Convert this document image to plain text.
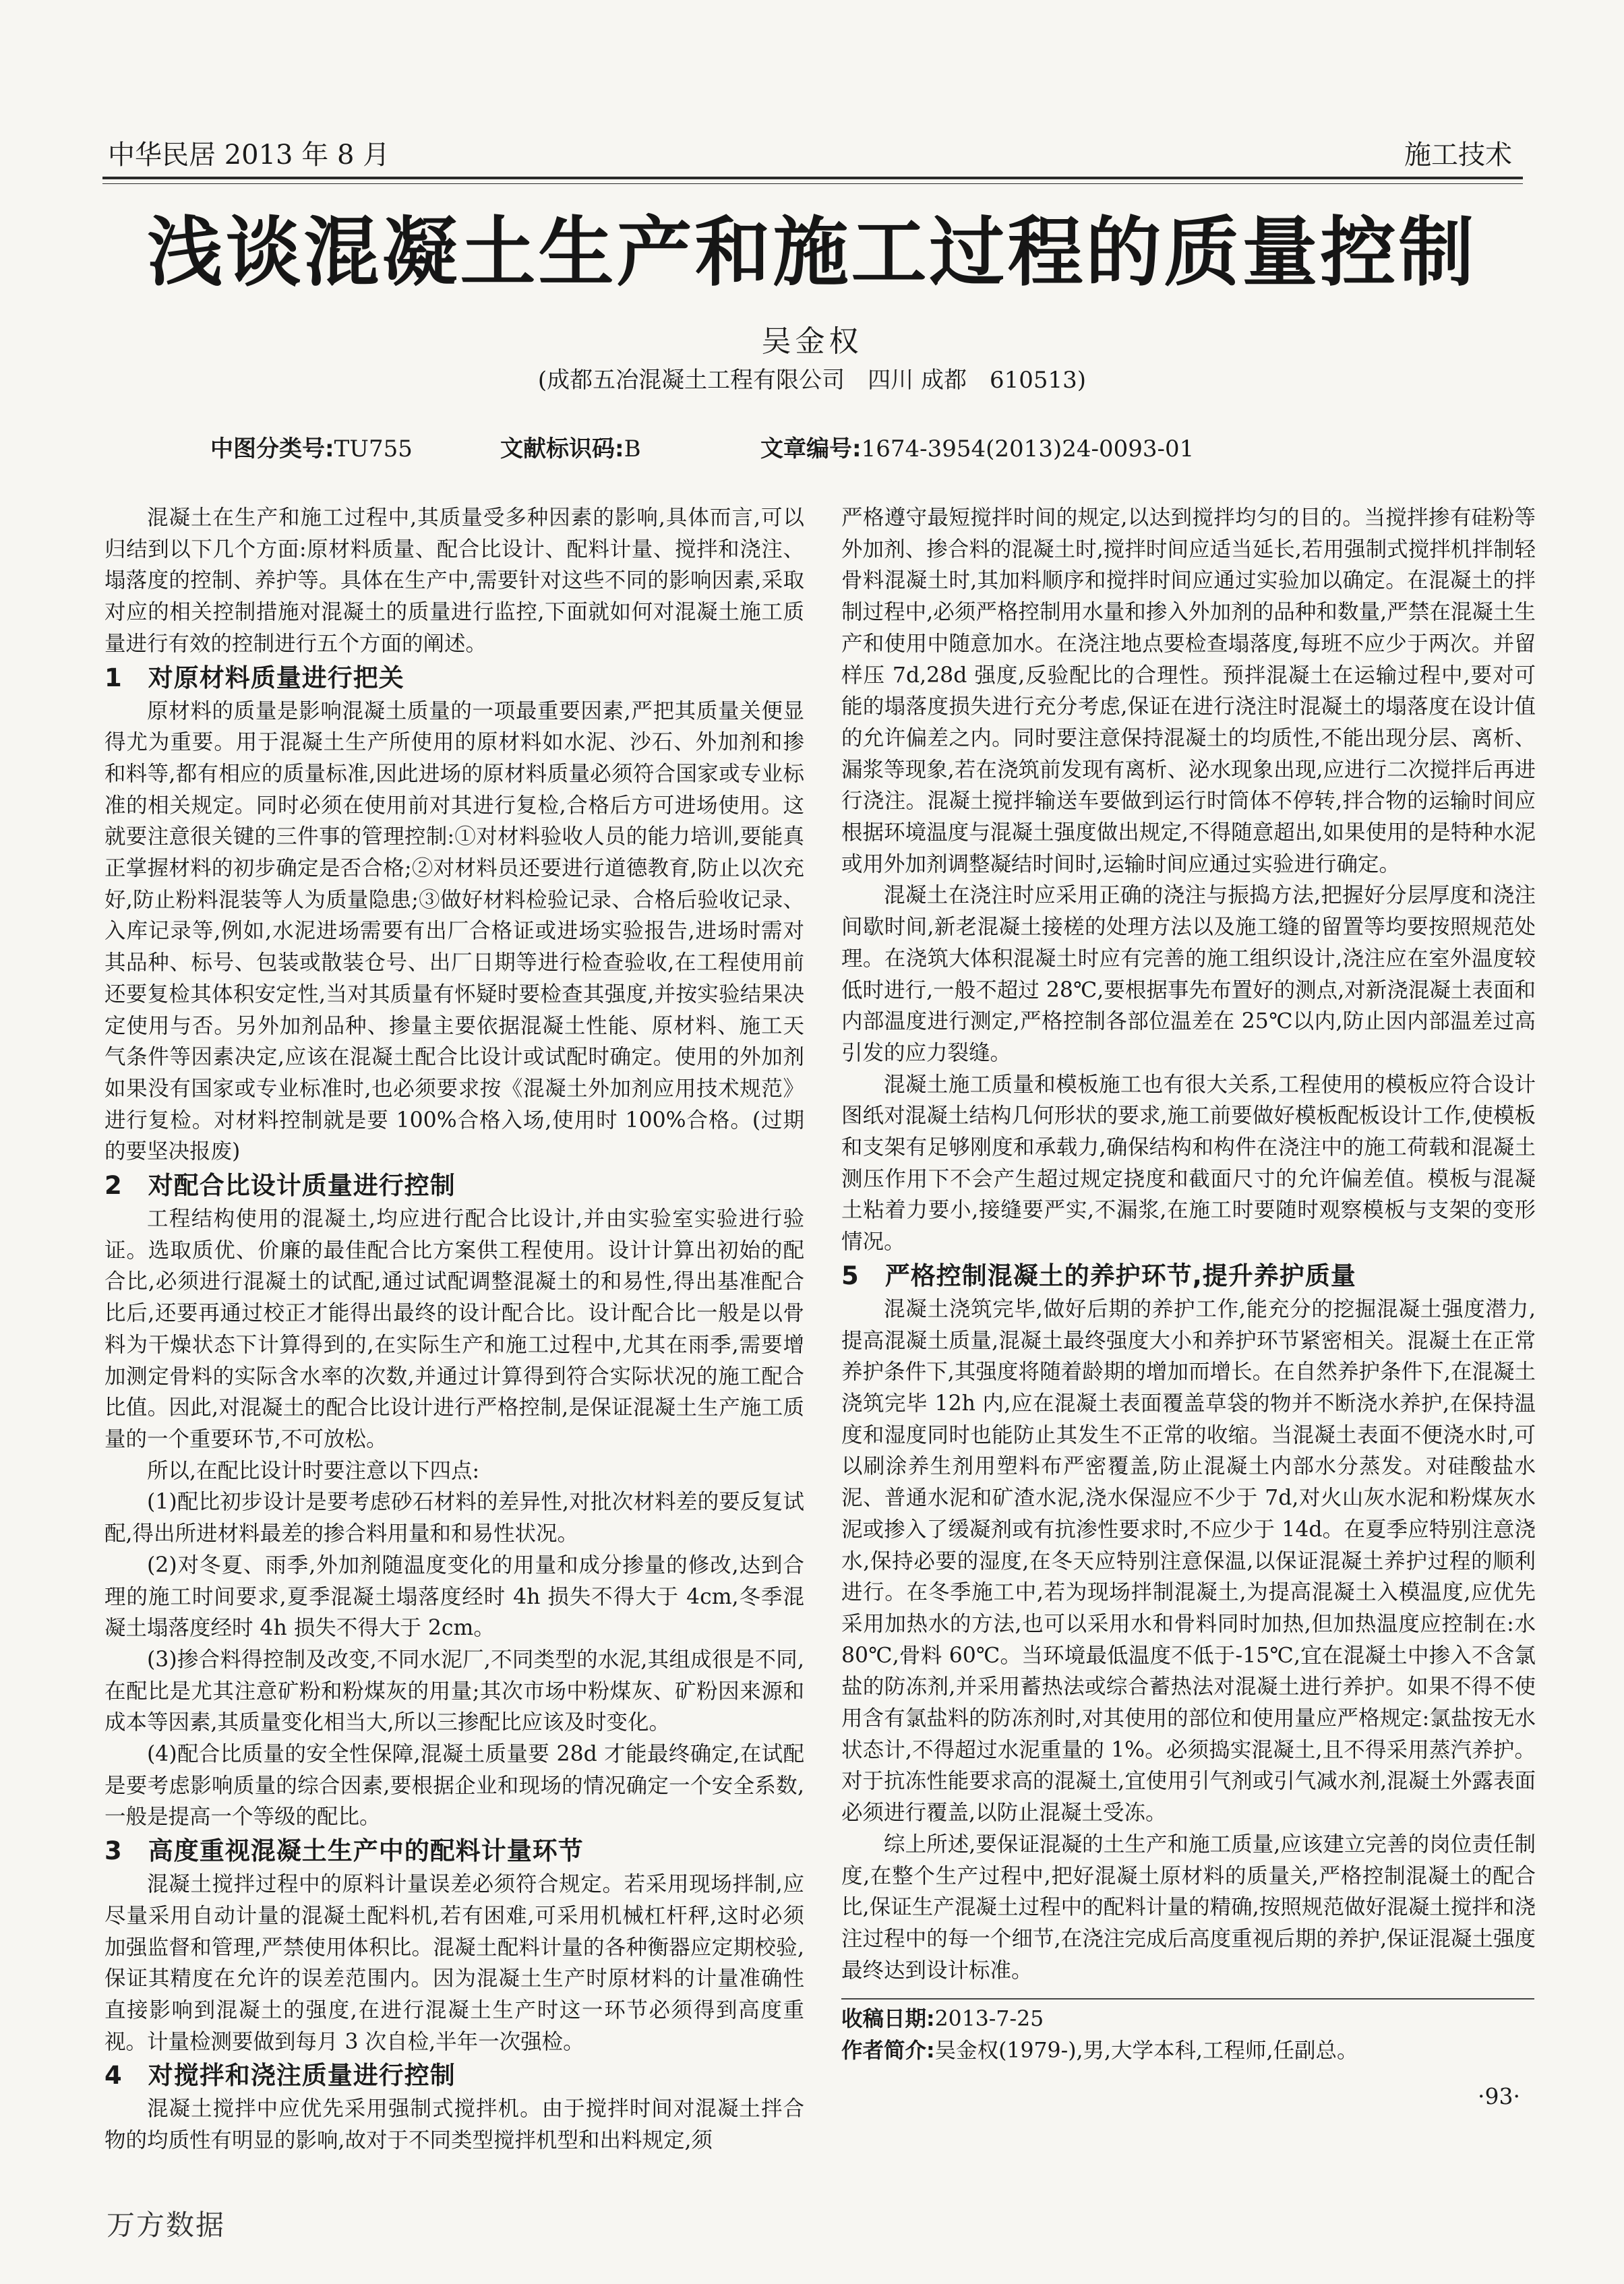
中华民居 2013 年 8 月	施工技术
浅谈混凝土生产和施工过程的质量控制
吴金权
(成都五冶混凝土工程有限公司　四川 成都　610513)
中图分类号:TU755	文献标识码:B	文章编号:1674-3954(2013)24-0093-01

混凝土在生产和施工过程中,其质量受多种因素的影响,具体而言,可以归结到以下几个方面:原材料质量、配合比设计、配料计量、搅拌和浇注、塌落度的控制、养护等。具体在生产中,需要针对这些不同的影响因素,采取对应的相关控制措施对混凝土的质量进行监控,下面就如何对混凝土施工质量进行有效的控制进行五个方面的阐述。

1　对原材料质量进行把关

原材料的质量是影响混凝土质量的一项最重要因素,严把其质量关便显得尤为重要。用于混凝土生产所使用的原材料如水泥、沙石、外加剂和掺和料等,都有相应的质量标准,因此进场的原材料质量必须符合国家或专业标准的相关规定。同时必须在使用前对其进行复检,合格后方可进场使用。这就要注意很关键的三件事的管理控制:①对材料验收人员的能力培训,要能真正掌握材料的初步确定是否合格;②对材料员还要进行道德教育,防止以次充好,防止粉料混装等人为质量隐患;③做好材料检验记录、合格后验收记录、入库记录等,例如,水泥进场需要有出厂合格证或进场实验报告,进场时需对其品种、标号、包装或散装仓号、出厂日期等进行检查验收,在工程使用前还要复检其体积安定性,当对其质量有怀疑时要检查其强度,并按实验结果决定使用与否。另外加剂品种、掺量主要依据混凝土性能、原材料、施工天气条件等因素决定,应该在混凝土配合比设计或试配时确定。使用的外加剂如果没有国家或专业标准时,也必须要求按《混凝土外加剂应用技术规范》进行复检。对材料控制就是要 100%合格入场,使用时 100%合格。(过期的要坚决报废)

2　对配合比设计质量进行控制

工程结构使用的混凝土,均应进行配合比设计,并由实验室实验进行验证。选取质优、价廉的最佳配合比方案供工程使用。设计计算出初始的配合比,必须进行混凝土的试配,通过试配调整混凝土的和易性,得出基准配合比后,还要再通过校正才能得出最终的设计配合比。设计配合比一般是以骨料为干燥状态下计算得到的,在实际生产和施工过程中,尤其在雨季,需要增加测定骨料的实际含水率的次数,并通过计算得到符合实际状况的施工配合比值。因此,对混凝土的配合比设计进行严格控制,是保证混凝土生产施工质量的一个重要环节,不可放松。

所以,在配比设计时要注意以下四点:

(1)配比初步设计是要考虑砂石材料的差异性,对批次材料差的要反复试配,得出所进材料最差的掺合料用量和和易性状况。

(2)对冬夏、雨季,外加剂随温度变化的用量和成分掺量的修改,达到合理的施工时间要求,夏季混凝土塌落度经时 4h 损失不得大于 4cm,冬季混凝土塌落度经时 4h 损失不得大于 2cm。

(3)掺合料得控制及改变,不同水泥厂,不同类型的水泥,其组成很是不同,在配比是尤其注意矿粉和粉煤灰的用量;其次市场中粉煤灰、矿粉因来源和成本等因素,其质量变化相当大,所以三掺配比应该及时变化。

(4)配合比质量的安全性保障,混凝土质量要 28d 才能最终确定,在试配是要考虑影响质量的综合因素,要根据企业和现场的情况确定一个安全系数,一般是提高一个等级的配比。

3　高度重视混凝土生产中的配料计量环节

混凝土搅拌过程中的原料计量误差必须符合规定。若采用现场拌制,应尽量采用自动计量的混凝土配料机,若有困难,可采用机械杠杆秤,这时必须加强监督和管理,严禁使用体积比。混凝土配料计量的各种衡器应定期校验,保证其精度在允许的误差范围内。因为混凝土生产时原材料的计量准确性直接影响到混凝土的强度,在进行混凝土生产时这一环节必须得到高度重视。计量检测要做到每月 3 次自检,半年一次强检。

4　对搅拌和浇注质量进行控制

混凝土搅拌中应优先采用强制式搅拌机。由于搅拌时间对混凝土拌合物的均质性有明显的影响,故对于不同类型搅拌机型和出料规定,须

严格遵守最短搅拌时间的规定,以达到搅拌均匀的目的。当搅拌掺有硅粉等外加剂、掺合料的混凝土时,搅拌时间应适当延长,若用强制式搅拌机拌制轻骨料混凝土时,其加料顺序和搅拌时间应通过实验加以确定。在混凝土的拌制过程中,必须严格控制用水量和掺入外加剂的品种和数量,严禁在混凝土生产和使用中随意加水。在浇注地点要检查塌落度,每班不应少于两次。并留样压 7d,28d 强度,反验配比的合理性。预拌混凝土在运输过程中,要对可能的塌落度损失进行充分考虑,保证在进行浇注时混凝土的塌落度在设计值的允许偏差之内。同时要注意保持混凝土的均质性,不能出现分层、离析、漏浆等现象,若在浇筑前发现有离析、泌水现象出现,应进行二次搅拌后再进行浇注。混凝土搅拌输送车要做到运行时筒体不停转,拌合物的运输时间应根据环境温度与混凝土强度做出规定,不得随意超出,如果使用的是特种水泥或用外加剂调整凝结时间时,运输时间应通过实验进行确定。

混凝土在浇注时应采用正确的浇注与振捣方法,把握好分层厚度和浇注间歇时间,新老混凝土接槎的处理方法以及施工缝的留置等均要按照规范处理。在浇筑大体积混凝土时应有完善的施工组织设计,浇注应在室外温度较低时进行,一般不超过 28℃,要根据事先布置好的测点,对新浇混凝土表面和内部温度进行测定,严格控制各部位温差在 25℃以内,防止因内部温差过高引发的应力裂缝。

混凝土施工质量和模板施工也有很大关系,工程使用的模板应符合设计图纸对混凝土结构几何形状的要求,施工前要做好模板配板设计工作,使模板和支架有足够刚度和承载力,确保结构和构件在浇注中的施工荷载和混凝土测压作用下不会产生超过规定挠度和截面尺寸的允许偏差值。模板与混凝土粘着力要小,接缝要严实,不漏浆,在施工时要随时观察模板与支架的变形情况。

5　严格控制混凝土的养护环节,提升养护质量

混凝土浇筑完毕,做好后期的养护工作,能充分的挖掘混凝土强度潜力,提高混凝土质量,混凝土最终强度大小和养护环节紧密相关。混凝土在正常养护条件下,其强度将随着龄期的增加而增长。在自然养护条件下,在混凝土浇筑完毕 12h 内,应在混凝土表面覆盖草袋的物并不断浇水养护,在保持温度和湿度同时也能防止其发生不正常的收缩。当混凝土表面不便浇水时,可以刷涂养生剂用塑料布严密覆盖,防止混凝土内部水分蒸发。对硅酸盐水泥、普通水泥和矿渣水泥,浇水保湿应不少于 7d,对火山灰水泥和粉煤灰水泥或掺入了缓凝剂或有抗渗性要求时,不应少于 14d。在夏季应特别注意浇水,保持必要的湿度,在冬天应特别注意保温,以保证混凝土养护过程的顺利进行。在冬季施工中,若为现场拌制混凝土,为提高混凝土入模温度,应优先采用加热水的方法,也可以采用水和骨料同时加热,但加热温度应控制在:水 80℃,骨料 60℃。当环境最低温度不低于-15℃,宜在混凝土中掺入不含氯盐的防冻剂,并采用蓄热法或综合蓄热法对混凝土进行养护。如果不得不使用含有氯盐料的防冻剂时,对其使用的部位和使用量应严格规定:氯盐按无水状态计,不得超过水泥重量的 1%。必须捣实混凝土,且不得采用蒸汽养护。对于抗冻性能要求高的混凝土,宜使用引气剂或引气减水剂,混凝土外露表面必须进行覆盖,以防止混凝土受冻。

综上所述,要保证混凝的土生产和施工质量,应该建立完善的岗位责任制度,在整个生产过程中,把好混凝土原材料的质量关,严格控制混凝土的配合比,保证生产混凝土过程中的配料计量的精确,按照规范做好混凝土搅拌和浇注过程中的每一个细节,在浇注完成后高度重视后期的养护,保证混凝土强度最终达到设计标准。

收稿日期:2013-7-25

作者简介:吴金权(1979-),男,大学本科,工程师,任副总。

·93·
万方数据
